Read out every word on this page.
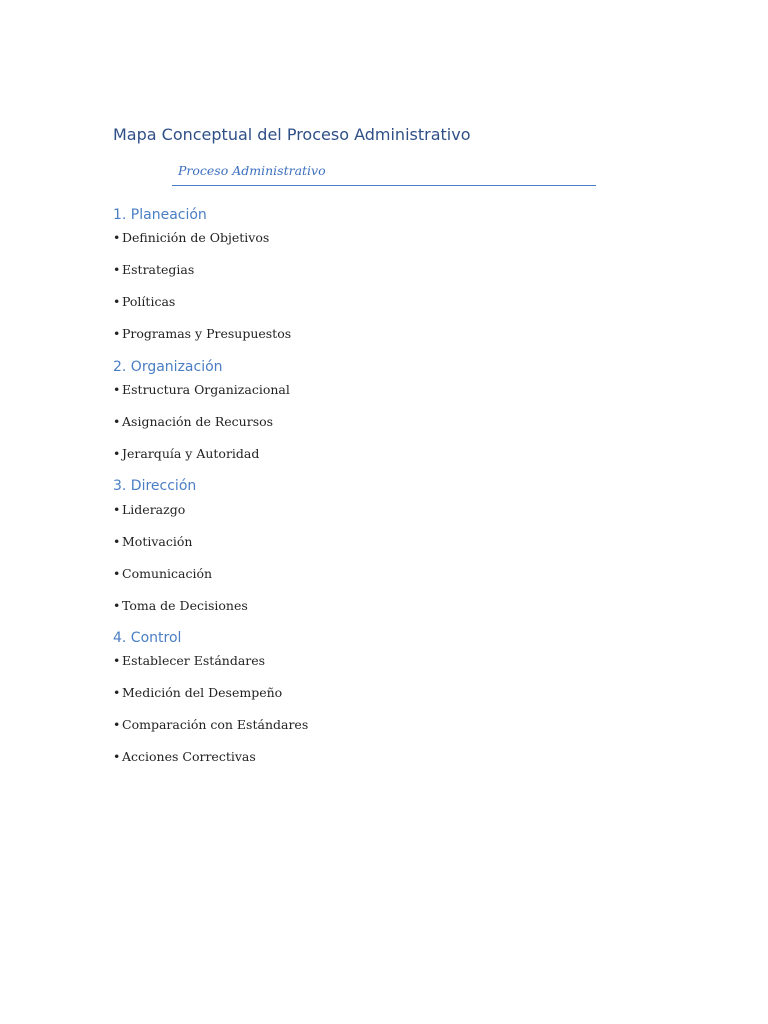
Mapa Conceptual del Proceso Administrativo
Proceso Administrativo
1. Planeación
• Definición de Objetivos
• Estrategias
• Políticas
• Programas y Presupuestos
2. Organización
• Estructura Organizacional
• Asignación de Recursos
• Jerarquía y Autoridad
3. Dirección
• Liderazgo
• Motivación
• Comunicación
• Toma de Decisiones
4. Control
• Establecer Estándares
• Medición del Desempeño
• Comparación con Estándares
• Acciones Correctivas
